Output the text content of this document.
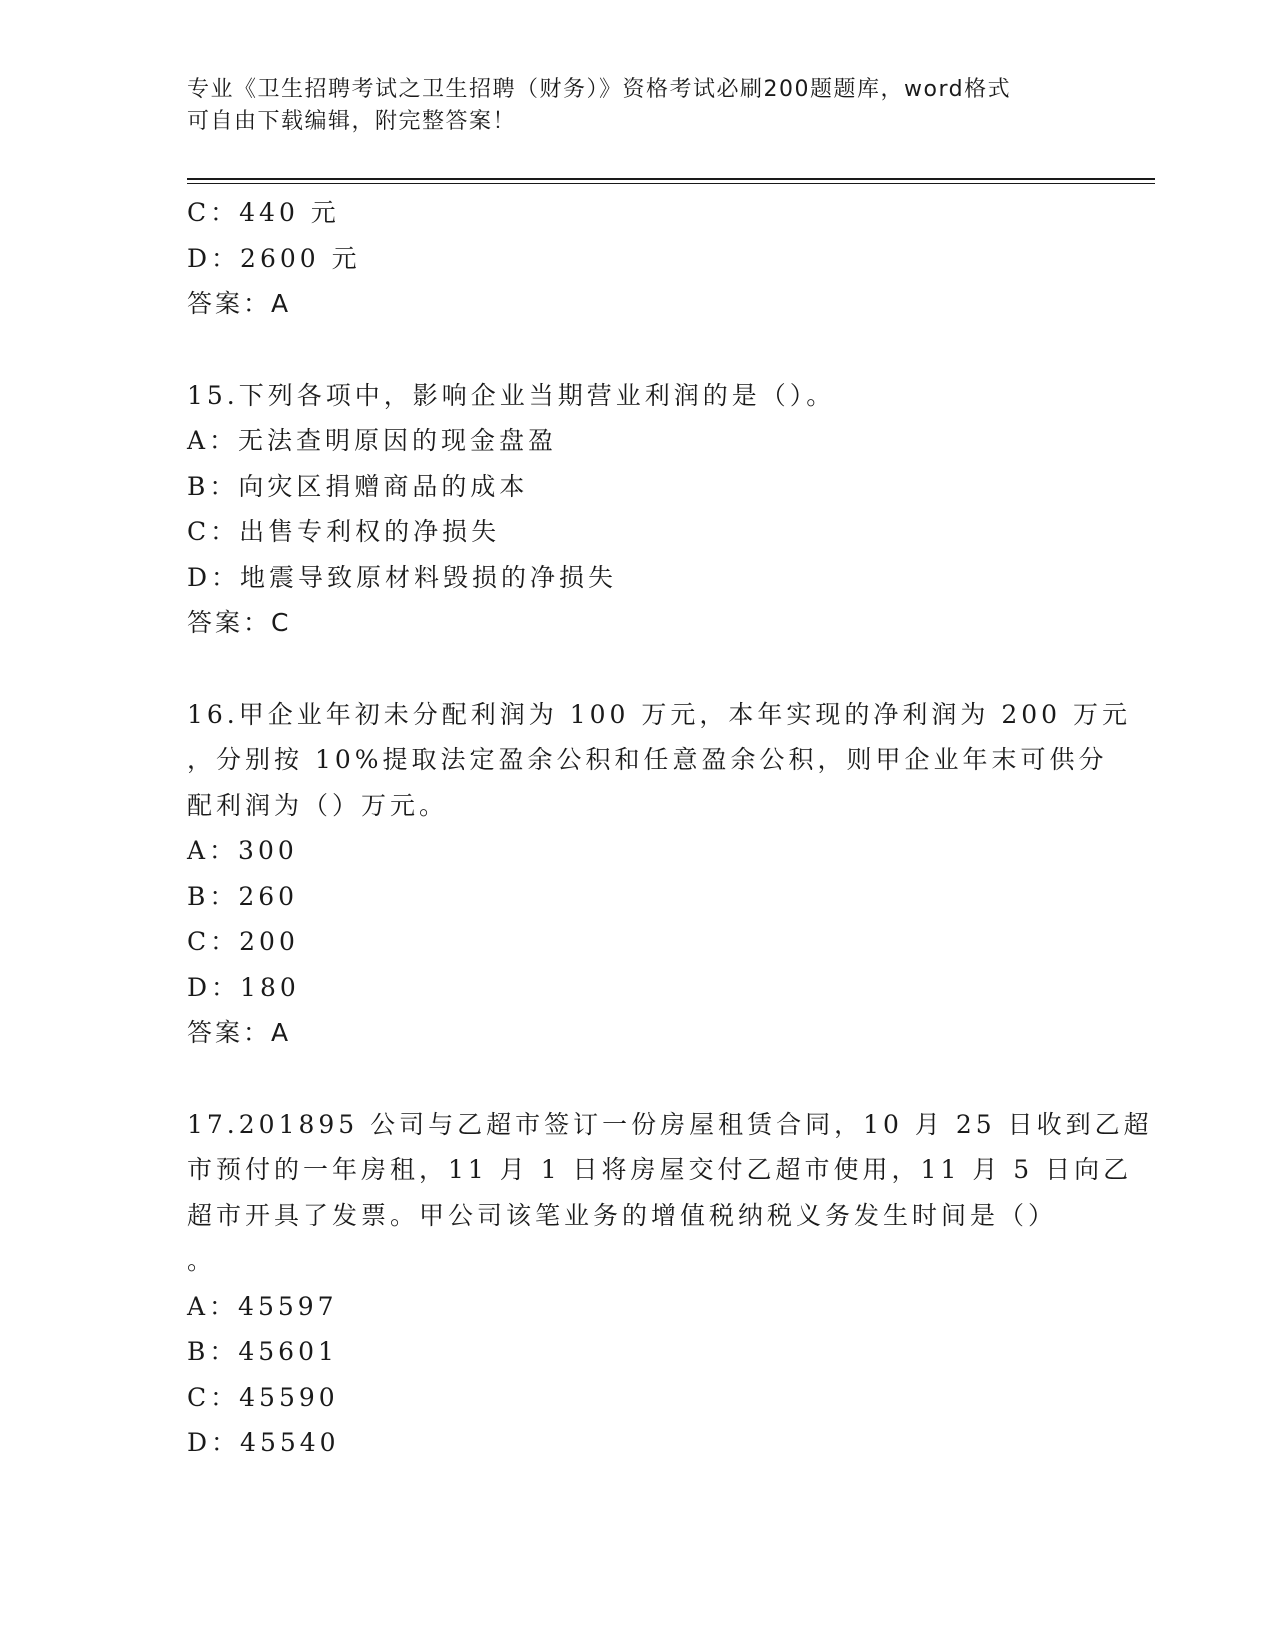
专业《卫生招聘考试之卫生招聘（财务）》资格考试必刷200题题库，word格式
可自由下载编辑，附完整答案！
C：440 元
D：2600 元
答案：A
15.下列各项中，影响企业当期营业利润的是（）。
A：无法查明原因的现金盘盈
B：向灾区捐赠商品的成本
C：出售专利权的净损失
D：地震导致原材料毁损的净损失
答案：C
16.甲企业年初未分配利润为 100 万元，本年实现的净利润为 200 万元
，分别按 10%提取法定盈余公积和任意盈余公积，则甲企业年末可供分
配利润为（）万元。
A：300
B：260
C：200
D：180
答案：A
17.201895 公司与乙超市签订一份房屋租赁合同，10 月 25 日收到乙超
市预付的一年房租，11 月 1 日将房屋交付乙超市使用，11 月 5 日向乙
超市开具了发票。甲公司该笔业务的增值税纳税义务发生时间是（）
。
A：45597
B：45601
C：45590
D：45540
